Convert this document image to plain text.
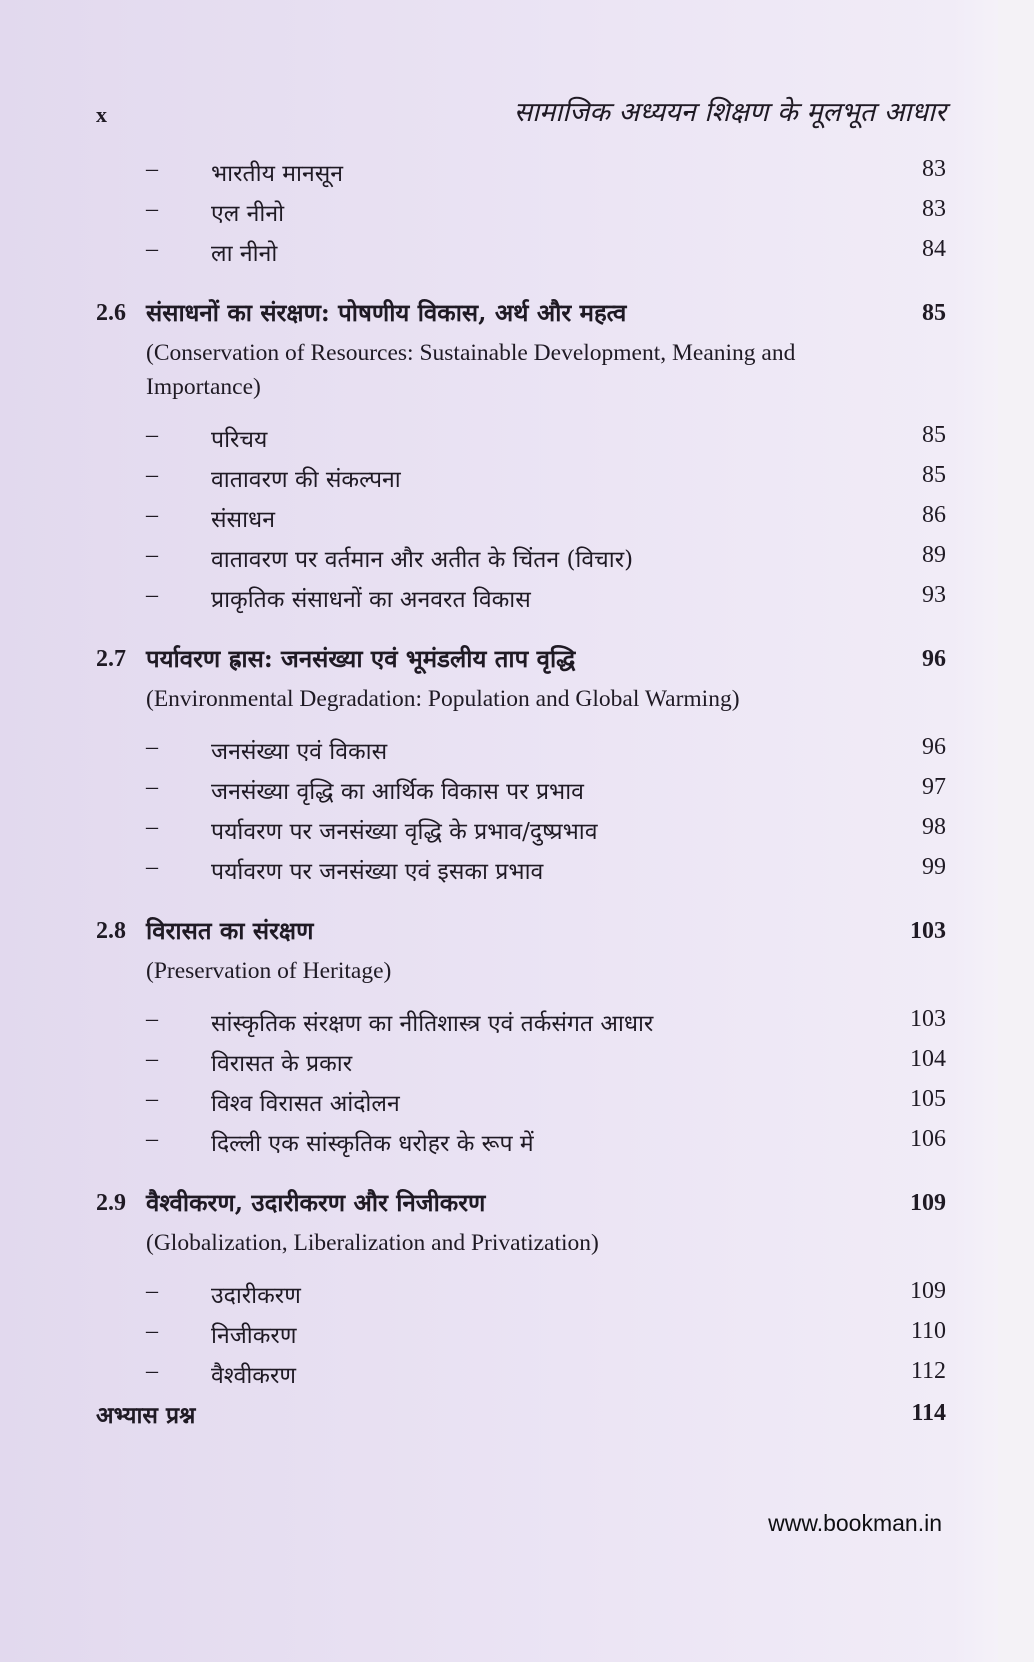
x	सामाजिक अध्ययन शिक्षण के मूलभूत आधार
– भारतीय मानसून	83
– एल नीनो	83
– ला नीनो	84
2.6 संसाधनों का संरक्षण: पोषणीय विकास, अर्थ और महत्व	85
(Conservation of Resources: Sustainable Development, Meaning and Importance)
– परिचय	85
– वातावरण की संकल्पना	85
– संसाधन	86
– वातावरण पर वर्तमान और अतीत के चिंतन (विचार)	89
– प्राकृतिक संसाधनों का अनवरत विकास	93
2.7 पर्यावरण ह्रास: जनसंख्या एवं भूमंडलीय ताप वृद्धि	96
(Environmental Degradation: Population and Global Warming)
– जनसंख्या एवं विकास	96
– जनसंख्या वृद्धि का आर्थिक विकास पर प्रभाव	97
– पर्यावरण पर जनसंख्या वृद्धि के प्रभाव/दुष्प्रभाव	98
– पर्यावरण पर जनसंख्या एवं इसका प्रभाव	99
2.8 विरासत का संरक्षण	103
(Preservation of Heritage)
– सांस्कृतिक संरक्षण का नीतिशास्त्र एवं तर्कसंगत आधार	103
– विरासत के प्रकार	104
– विश्व विरासत आंदोलन	105
– दिल्ली एक सांस्कृतिक धरोहर के रूप में	106
2.9 वैश्वीकरण, उदारीकरण और निजीकरण	109
(Globalization, Liberalization and Privatization)
– उदारीकरण	109
– निजीकरण	110
– वैश्वीकरण	112
अभ्यास प्रश्न	114
www.bookman.in
